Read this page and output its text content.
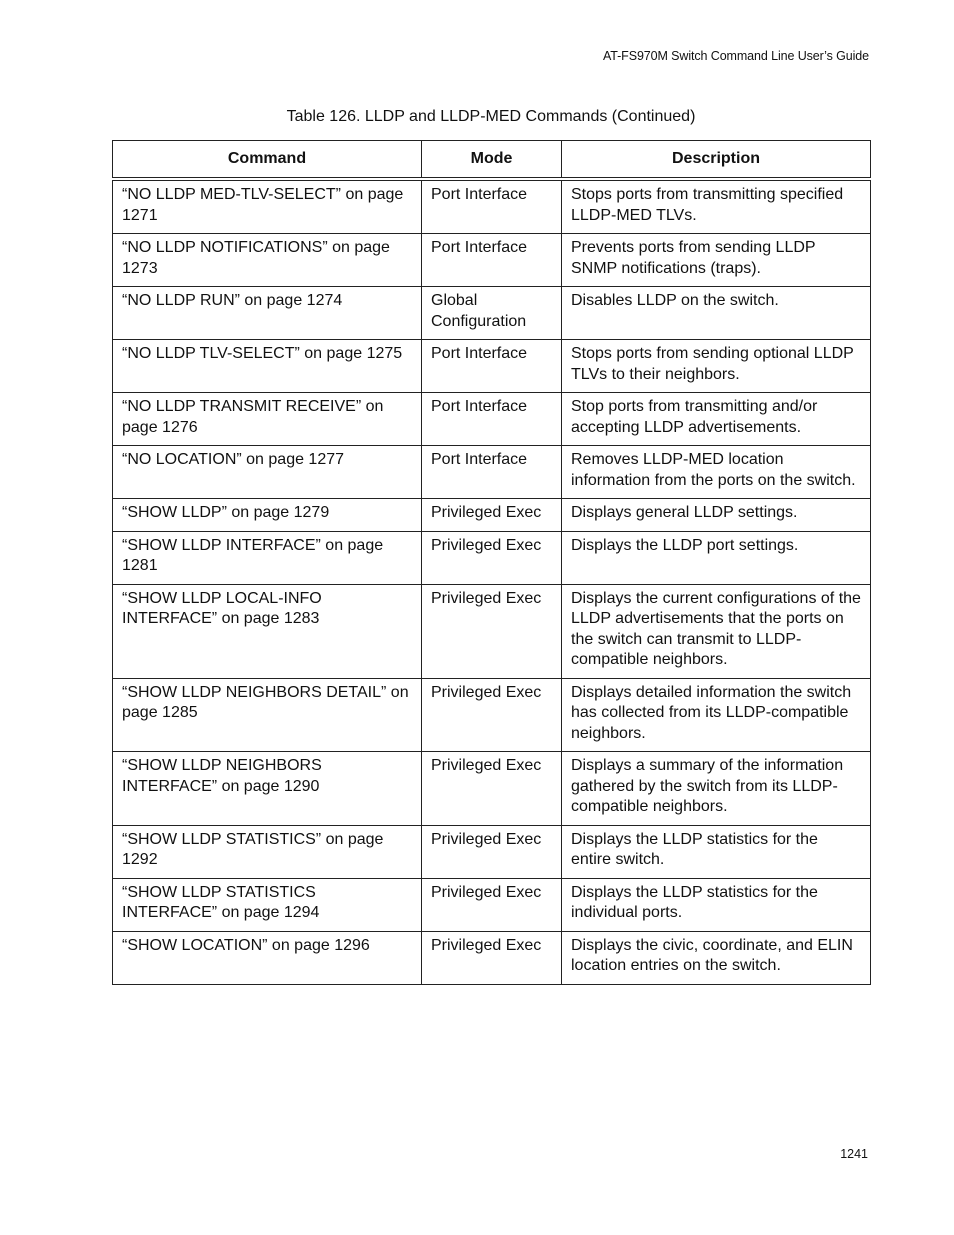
AT-FS970M Switch Command Line User’s Guide
Table 126. LLDP and LLDP-MED Commands (Continued)
Command	Mode	Description
“NO LLDP MED-TLV-SELECT” on page 1271	Port Interface	Stops ports from transmitting specified LLDP-MED TLVs.
“NO LLDP NOTIFICATIONS” on page 1273	Port Interface	Prevents ports from sending LLDP SNMP notifications (traps).
“NO LLDP RUN” on page 1274	Global Configuration	Disables LLDP on the switch.
“NO LLDP TLV-SELECT” on page 1275	Port Interface	Stops ports from sending optional LLDP TLVs to their neighbors.
“NO LLDP TRANSMIT RECEIVE” on page 1276	Port Interface	Stop ports from transmitting and/or accepting LLDP advertisements.
“NO LOCATION” on page 1277	Port Interface	Removes LLDP-MED location information from the ports on the switch.
“SHOW LLDP” on page 1279	Privileged Exec	Displays general LLDP settings.
“SHOW LLDP INTERFACE” on page 1281	Privileged Exec	Displays the LLDP port settings.
“SHOW LLDP LOCAL-INFO INTERFACE” on page 1283	Privileged Exec	Displays the current configurations of the LLDP advertisements that the ports on the switch can transmit to LLDP-compatible neighbors.
“SHOW LLDP NEIGHBORS DETAIL” on page 1285	Privileged Exec	Displays detailed information the switch has collected from its LLDP-compatible neighbors.
“SHOW LLDP NEIGHBORS INTERFACE” on page 1290	Privileged Exec	Displays a summary of the information gathered by the switch from its LLDP-compatible neighbors.
“SHOW LLDP STATISTICS” on page 1292	Privileged Exec	Displays the LLDP statistics for the entire switch.
“SHOW LLDP STATISTICS INTERFACE” on page 1294	Privileged Exec	Displays the LLDP statistics for the individual ports.
“SHOW LOCATION” on page 1296	Privileged Exec	Displays the civic, coordinate, and ELIN location entries on the switch.
1241
